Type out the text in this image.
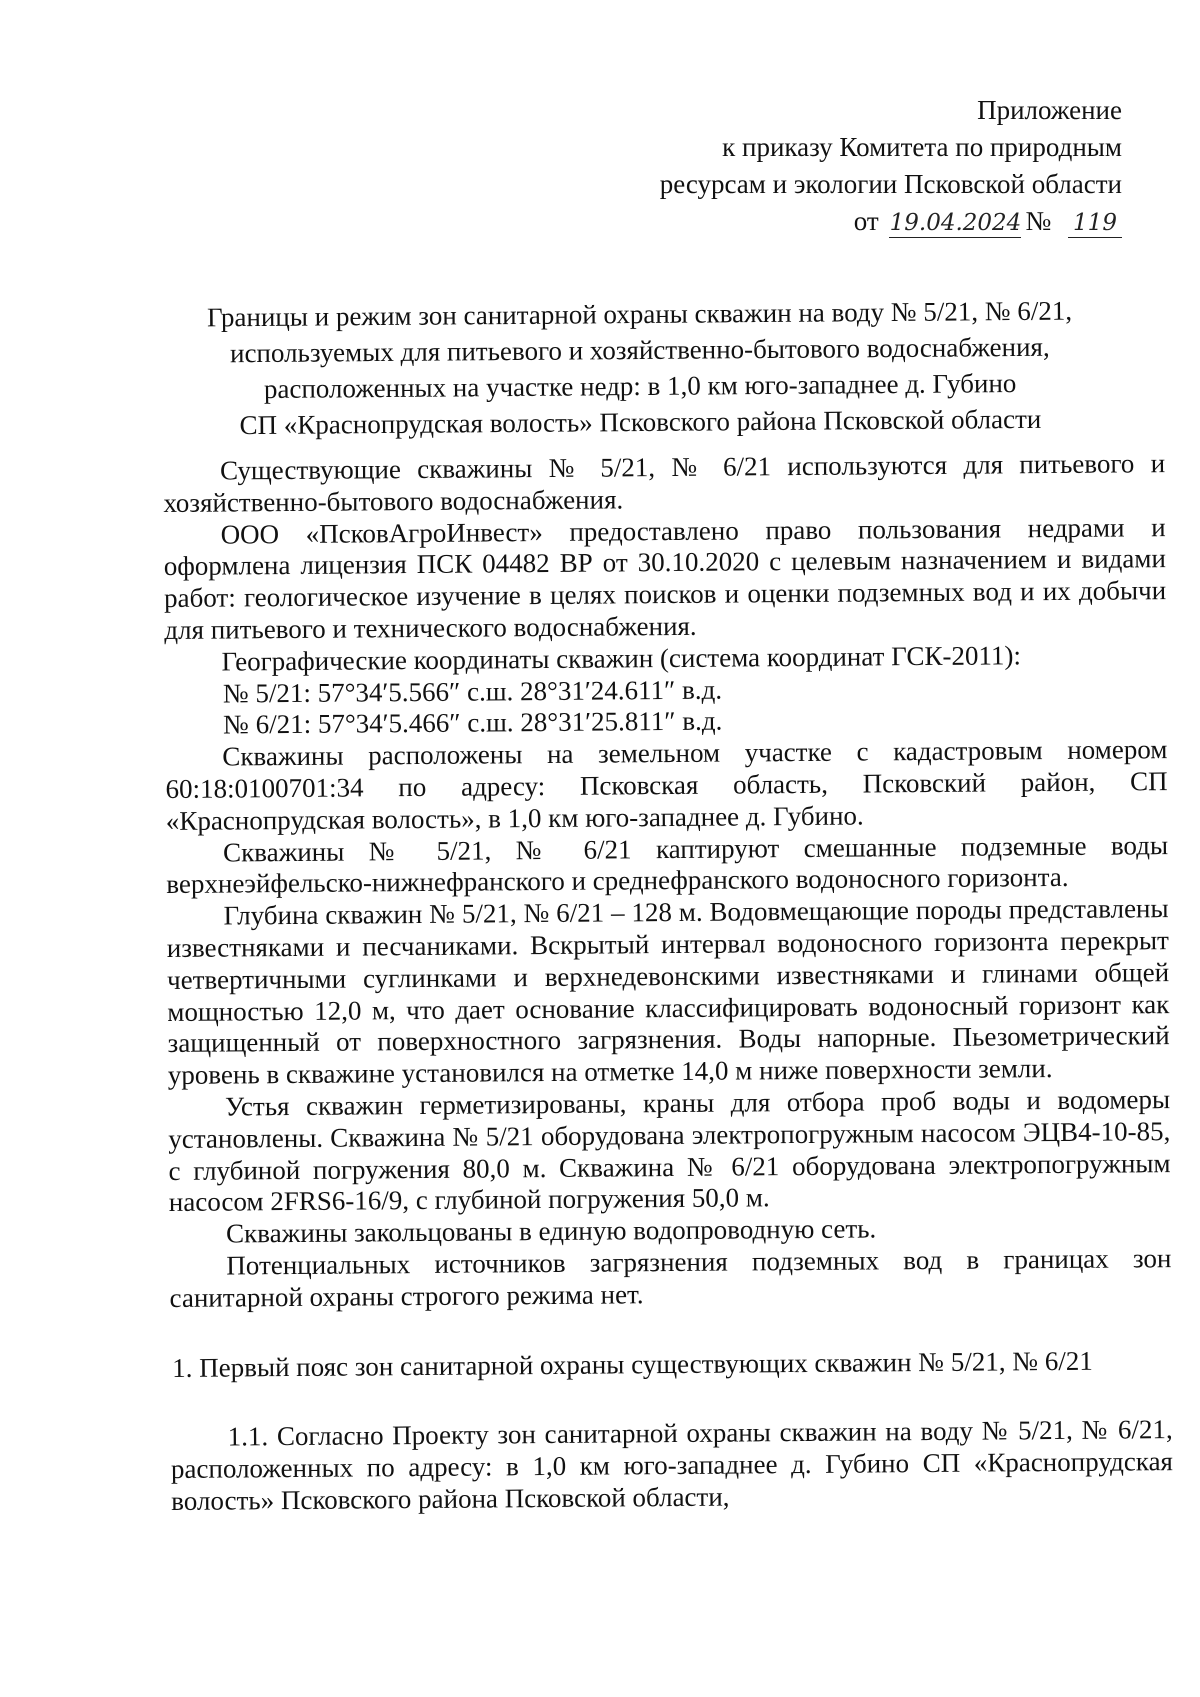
Приложение
к приказу Комитета по природным
ресурсам и экологии Псковской области
от 19.04.2024 № 119
Границы и режим зон санитарной охраны скважин на воду № 5/21, № 6/21,
используемых для питьевого и хозяйственно-бытового водоснабжения,
расположенных на участке недр: в 1,0 км юго-западнее д. Губино
СП «Краснопрудская волость» Псковского района Псковской области

Существующие скважины № 5/21, № 6/21 используются для питьевого и хозяйственно-бытового водоснабжения.

ООО «ПсковАгроИнвест» предоставлено право пользования недрами и оформлена лицензия ПСК 04482 ВР от 30.10.2020 с целевым назначением и видами работ: геологическое изучение в целях поисков и оценки подземных вод и их добычи для питьевого и технического водоснабжения.

Географические координаты скважин (система координат ГСК-2011):

№ 5/21: 57°34′5.566″ с.ш. 28°31′24.611″ в.д.

№ 6/21: 57°34′5.466″ с.ш. 28°31′25.811″ в.д.

Скважины расположены на земельном участке с кадастровым номером 60:18:0100701:34 по адресу: Псковская область, Псковский район, СП «Краснопрудская волость», в 1,0 км юго-западнее д. Губино.

Скважины № 5/21, № 6/21 каптируют смешанные подземные воды верхнеэйфельско-нижнефранского и среднефранского водоносного горизонта.

Глубина скважин № 5/21, № 6/21 – 128 м. Водовмещающие породы представлены известняками и песчаниками. Вскрытый интервал водоносного горизонта перекрыт четвертичными суглинками и верхнедевонскими известняками и глинами общей мощностью 12,0 м, что дает основание классифицировать водоносный горизонт как защищенный от поверхностного загрязнения. Воды напорные. Пьезометрический уровень в скважине установился на отметке 14,0 м ниже поверхности земли.

Устья скважин герметизированы, краны для отбора проб воды и водомеры установлены. Скважина № 5/21 оборудована электропогружным насосом ЭЦВ4-10-85, с глубиной погружения 80,0 м. Скважина № 6/21 оборудована электропогружным насосом 2FRS6-16/9, с глубиной погружения 50,0 м.

Скважины закольцованы в единую водопроводную сеть.

Потенциальных источников загрязнения подземных вод в границах зон санитарной охраны строгого режима нет.

1. Первый пояс зон санитарной охраны существующих скважин № 5/21, № 6/21

1.1. Согласно Проекту зон санитарной охраны скважин на воду № 5/21, № 6/21, расположенных по адресу: в 1,0 км юго-западнее д. Губино СП «Краснопрудская волость» Псковского района Псковской области,
